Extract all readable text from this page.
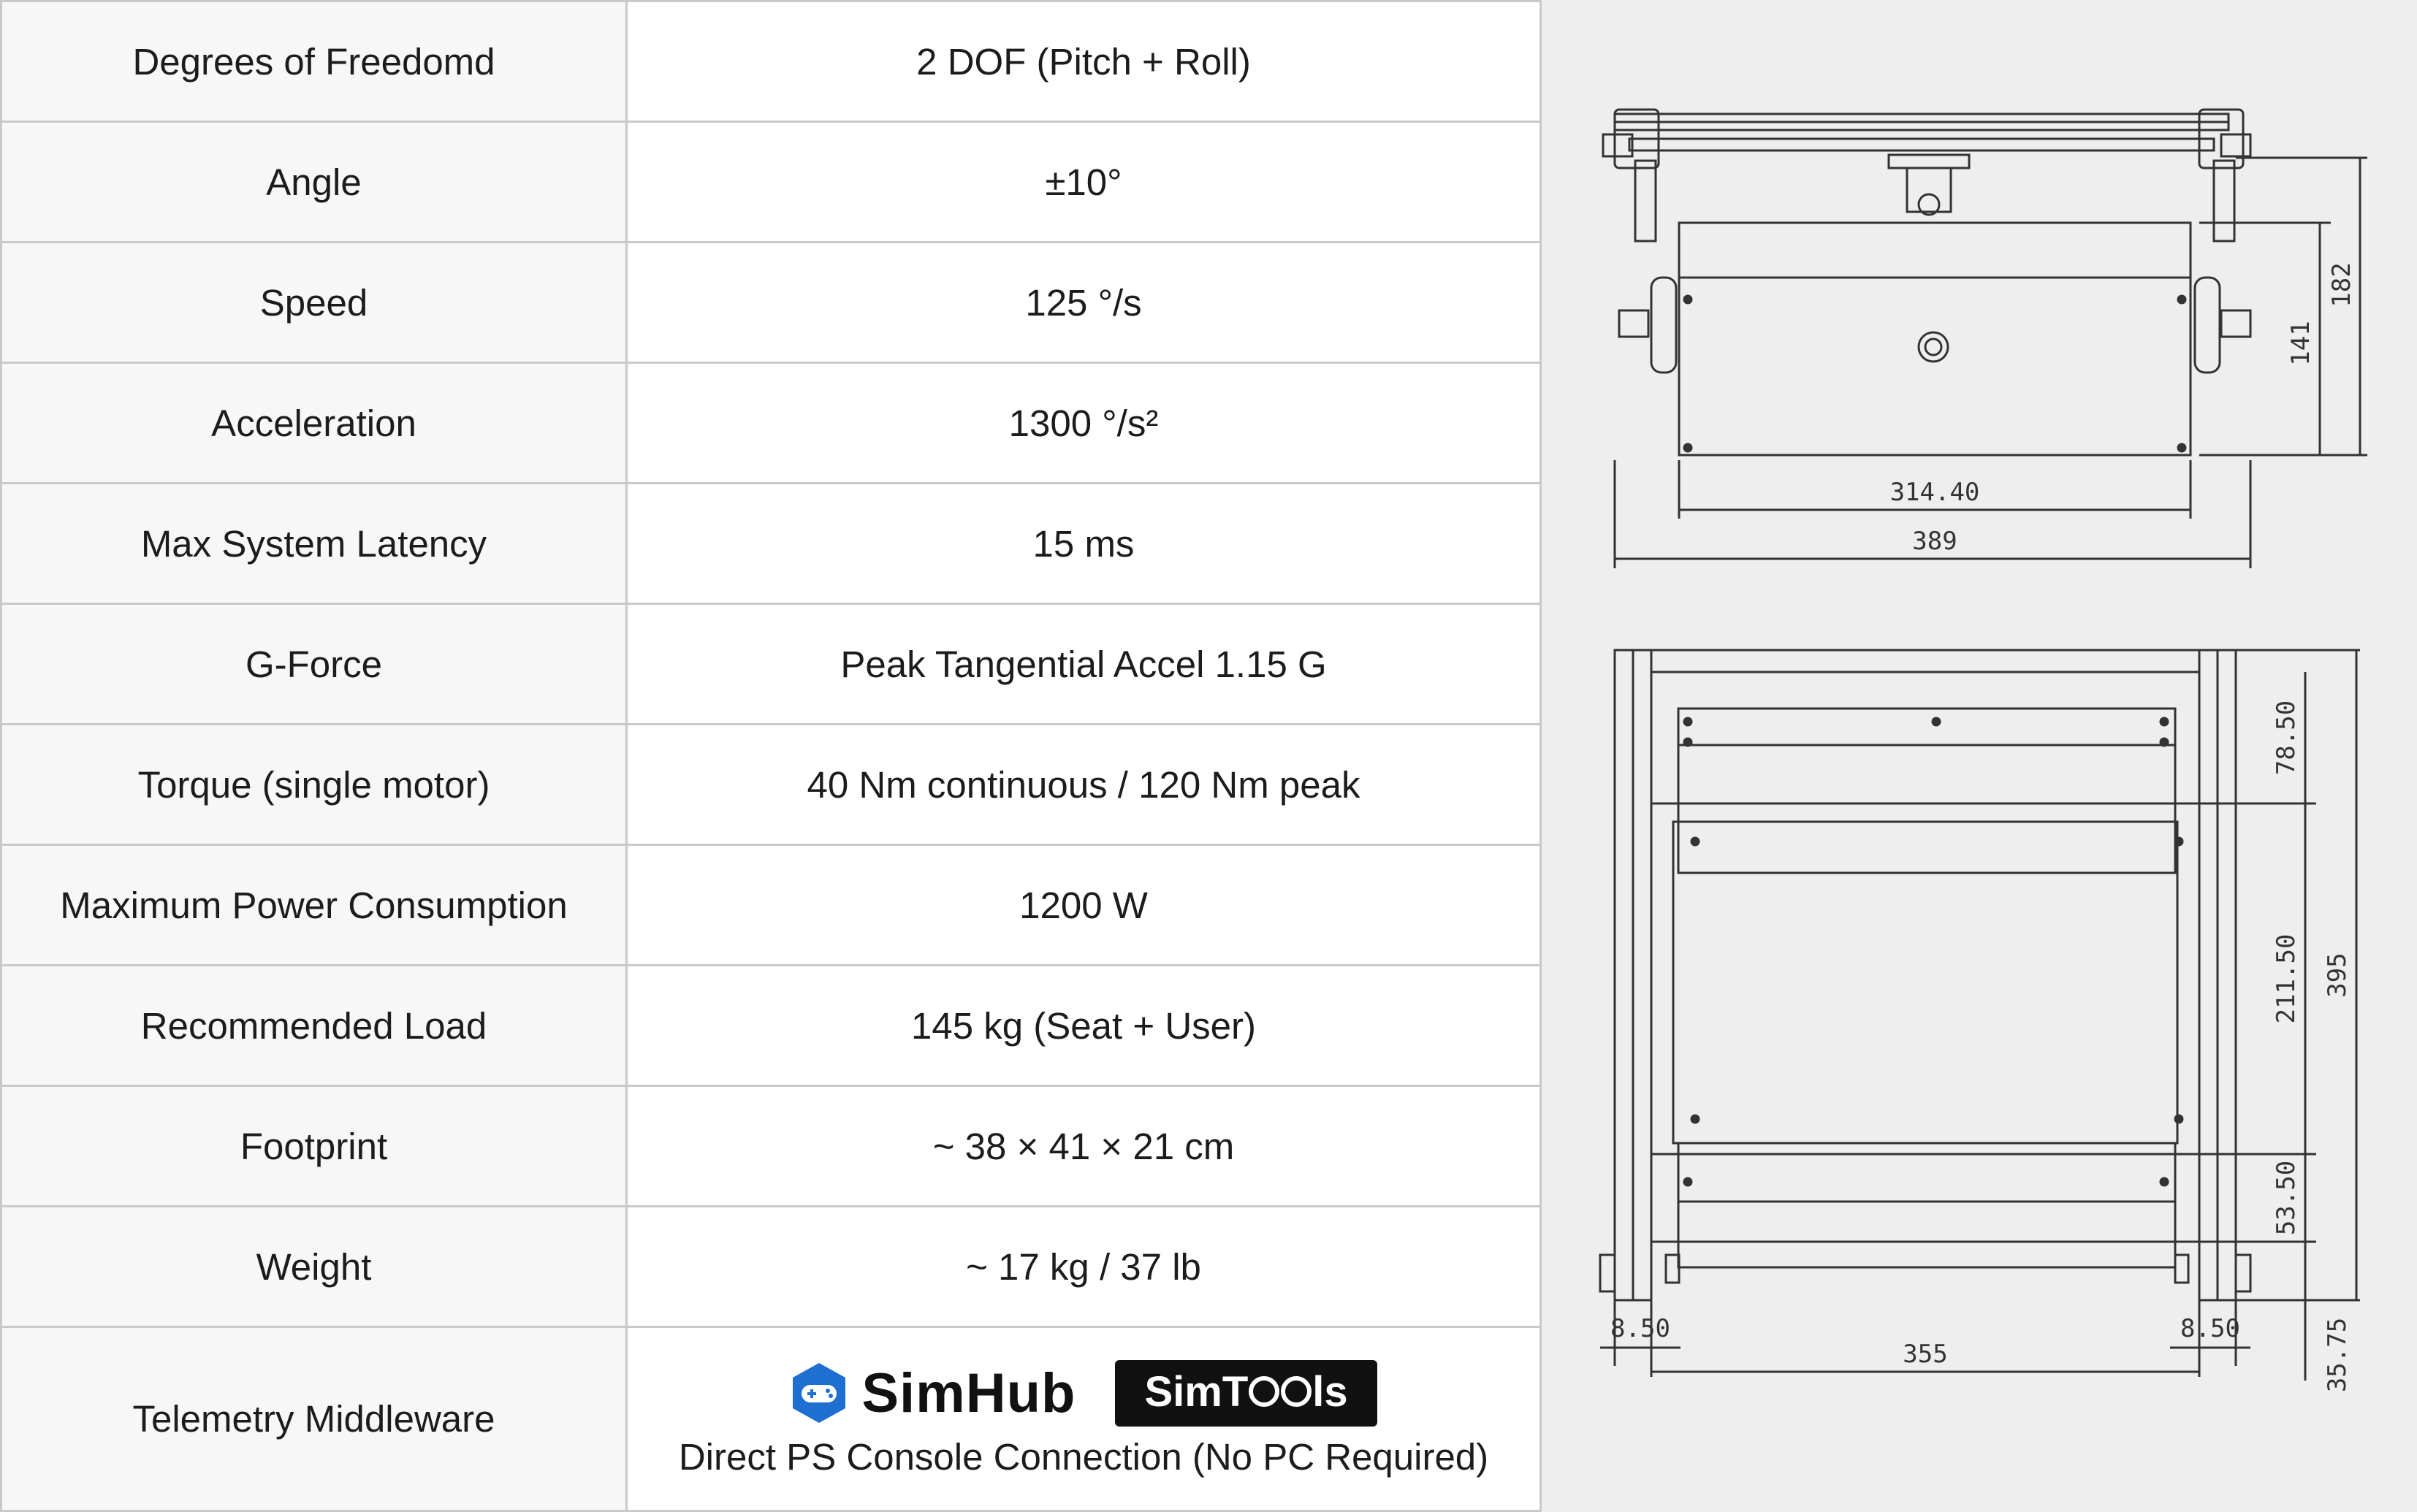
Degrees of Freedomd	2 DOF (Pitch + Roll)
Angle	±10°
Speed	125 °/s
Acceleration	1300 °/s²
Max System Latency	15 ms
G-Force	Peak Tangential Accel 1.15 G
Torque (single motor)	40 Nm continuous / 120 Nm peak
Maximum Power Consumption	1200 W
Recommended Load	145 kg (Seat + User)
Footprint	~ 38 × 41 × 21 cm
Weight	~ 17 kg / 37 lb
Telemetry Middleware	SimHub SimT ls
Direct PS Console Connection (No PC Required)
314.40
389
141
182
78.50
211.50
53.50
395
35.75
8.50	8.50
355
